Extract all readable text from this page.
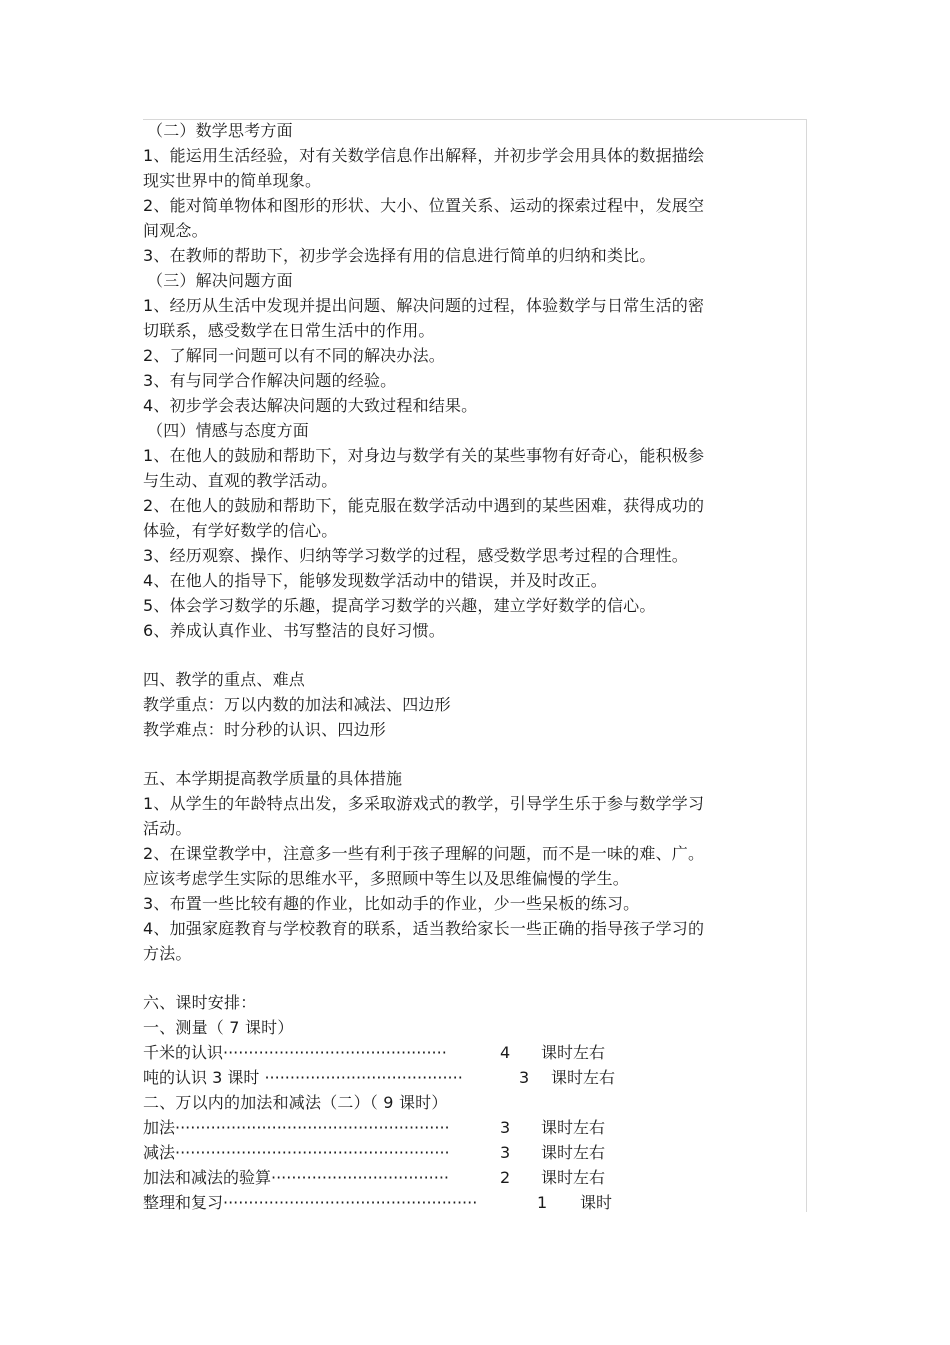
（二）数学思考方面
1、能运用生活经验，对有关数学信息作出解释，并初步学会用具体的数据描绘
现实世界中的简单现象。
2、能对简单物体和图形的形状、大小、位置关系、运动的探索过程中，发展空
间观念。
3、在教师的帮助下，初步学会选择有用的信息进行简单的归纳和类比。
（三）解决问题方面
1、经历从生活中发现并提出问题、解决问题的过程，体验数学与日常生活的密
切联系，感受数学在日常生活中的作用。
2、了解同一问题可以有不同的解决办法。
3、有与同学合作解决问题的经验。
4、初步学会表达解决问题的大致过程和结果。
（四）情感与态度方面
1、在他人的鼓励和帮助下，对身边与数学有关的某些事物有好奇心，能积极参
与生动、直观的教学活动。
2、在他人的鼓励和帮助下，能克服在数学活动中遇到的某些困难，获得成功的
体验，有学好数学的信心。
3、经历观察、操作、归纳等学习数学的过程，感受数学思考过程的合理性。
4、在他人的指导下，能够发现数学活动中的错误，并及时改正。
5、体会学习数学的乐趣，提高学习数学的兴趣，建立学好数学的信心。
6、养成认真作业、书写整洁的良好习惯。
四、教学的重点、难点
教学重点：万以内数的加法和减法、四边形
教学难点：时分秒的认识、四边形
五、本学期提高教学质量的具体措施
1、从学生的年龄特点出发，多采取游戏式的教学，引导学生乐于参与数学学习
活动。
2、在课堂教学中，注意多一些有利于孩子理解的问题，而不是一味的难、广。
应该考虑学生实际的思维水平，多照顾中等生以及思维偏慢的学生。
3、布置一些比较有趣的作业，比如动手的作业，少一些呆板的练习。
4、加强家庭教育与学校教育的联系，适当教给家长一些正确的指导孩子学习的
方法。
六、课时安排：
一、测量（ 7 课时）
千米的认识············································	4 课时左右
吨的认识 3 课时 ·······································	3 课时左右
二、万以内的加法和减法（二）（ 9 课时）
加法······················································	3 课时左右
减法······················································	3 课时左右
加法和减法的验算···································	2 课时左右
整理和复习··················································	1 课时
